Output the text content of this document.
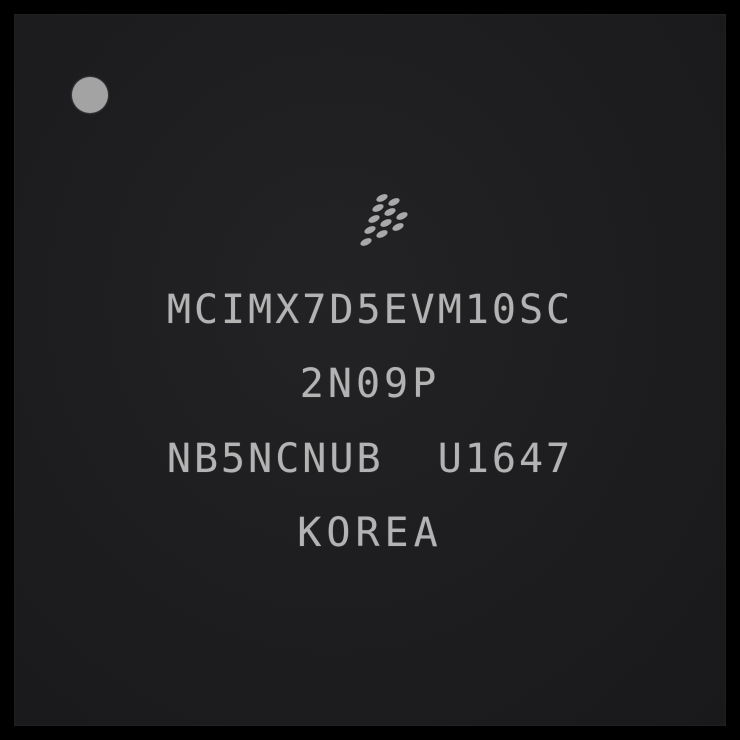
MCIMX7D5EVM10SC
2N09P
NB5NCNUB  U1647
KOREA
